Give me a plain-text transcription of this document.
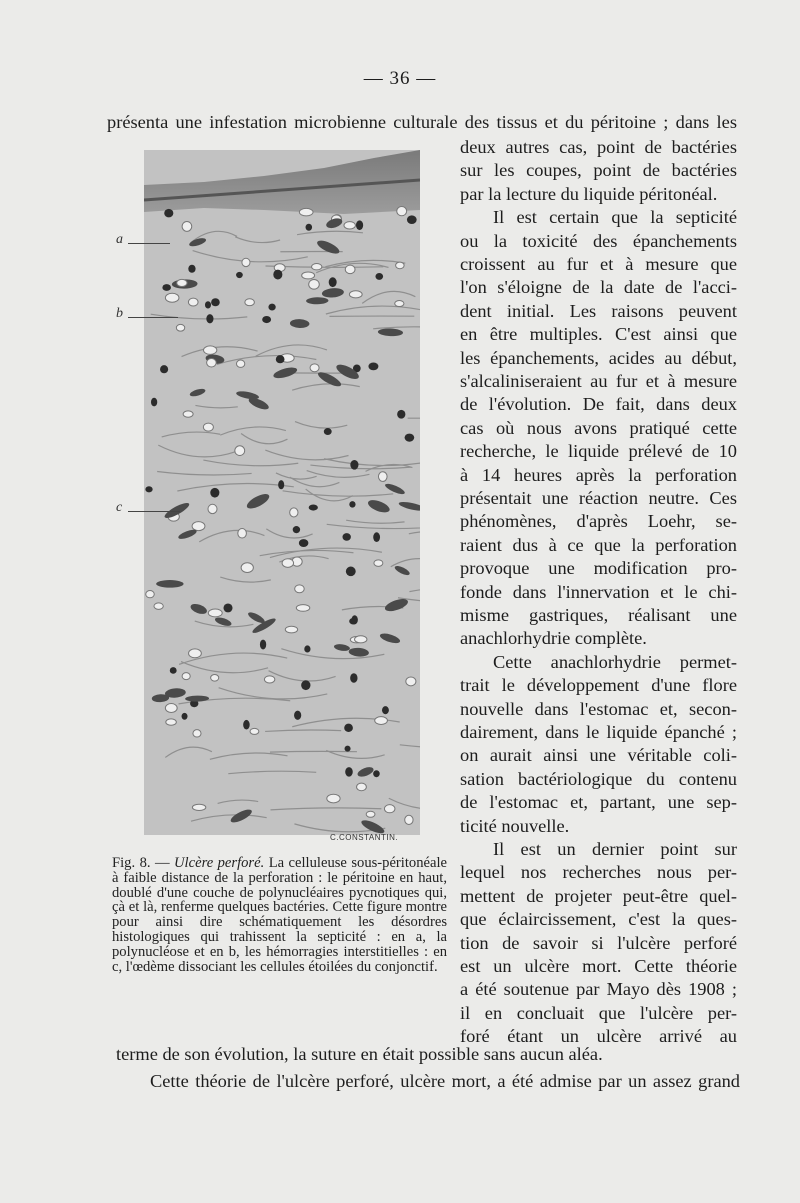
— 36 —
présenta une infestation microbienne culturale des tissus et du péritoine ; dans les
deux autres cas, point de bactéries
sur les coupes, point de bactéries
par la lecture du liquide péritonéal.
Il est certain que la septicité
ou la toxicité des épanchements
croissent au fur et à mesure que
l'on s'éloigne de la date de l'acci-
dent initial. Les raisons peuvent
en être multiples. C'est ainsi que
les épanchements, acides au début,
s'alcaliniseraient au fur et à mesure
de l'évolution. De fait, dans deux
cas où nous avons pratiqué cette
recherche, le liquide prélevé de 10
à 14 heures après la perforation
présentait une réaction neutre. Ces
phénomènes, d'après Loehr, se-
raient dus à ce que la perforation
provoque une modification pro-
fonde dans l'innervation et le chi-
misme gastriques, réalisant une
anachlorhydrie complète.
Cette anachlorhydrie permet-
trait le développement d'une flore
nouvelle dans l'estomac et, secon-
dairement, dans le liquide épanché ;
on aurait ainsi une véritable coli-
sation bactériologique du contenu
de l'estomac et, partant, une sep-
ticité nouvelle.
Il est un dernier point sur
lequel nos recherches nous per-
mettent de projeter peut-être quel-
que éclaircissement, c'est la ques-
tion de savoir si l'ulcère perforé
est un ulcère mort. Cette théorie
a été soutenue par Mayo dès 1908 ;
il en concluait que l'ulcère per-
foré étant un ulcère arrivé au
C.CONSTANTIN.
a
b
c
Fig. 8. — Ulcère perforé. La celluleuse sous-péritonéale à faible distance de la perforation : le péritoine en haut, doublé d'une couche de polynucléaires pycnotiques qui, çà et là, renferme quelques bactéries. Cette figure montre pour ainsi dire schématiquement les désordres histologiques qui trahissent la septicité : en a, la polynucléose et en b, les hémorragies interstitielles : en c, l'œdème dissociant les cellules étoilées du conjonctif.
terme de son évolution, la suture en était possible sans aucun aléa.
Cette théorie de l'ulcère perforé, ulcère mort, a été admise par un assez grand
